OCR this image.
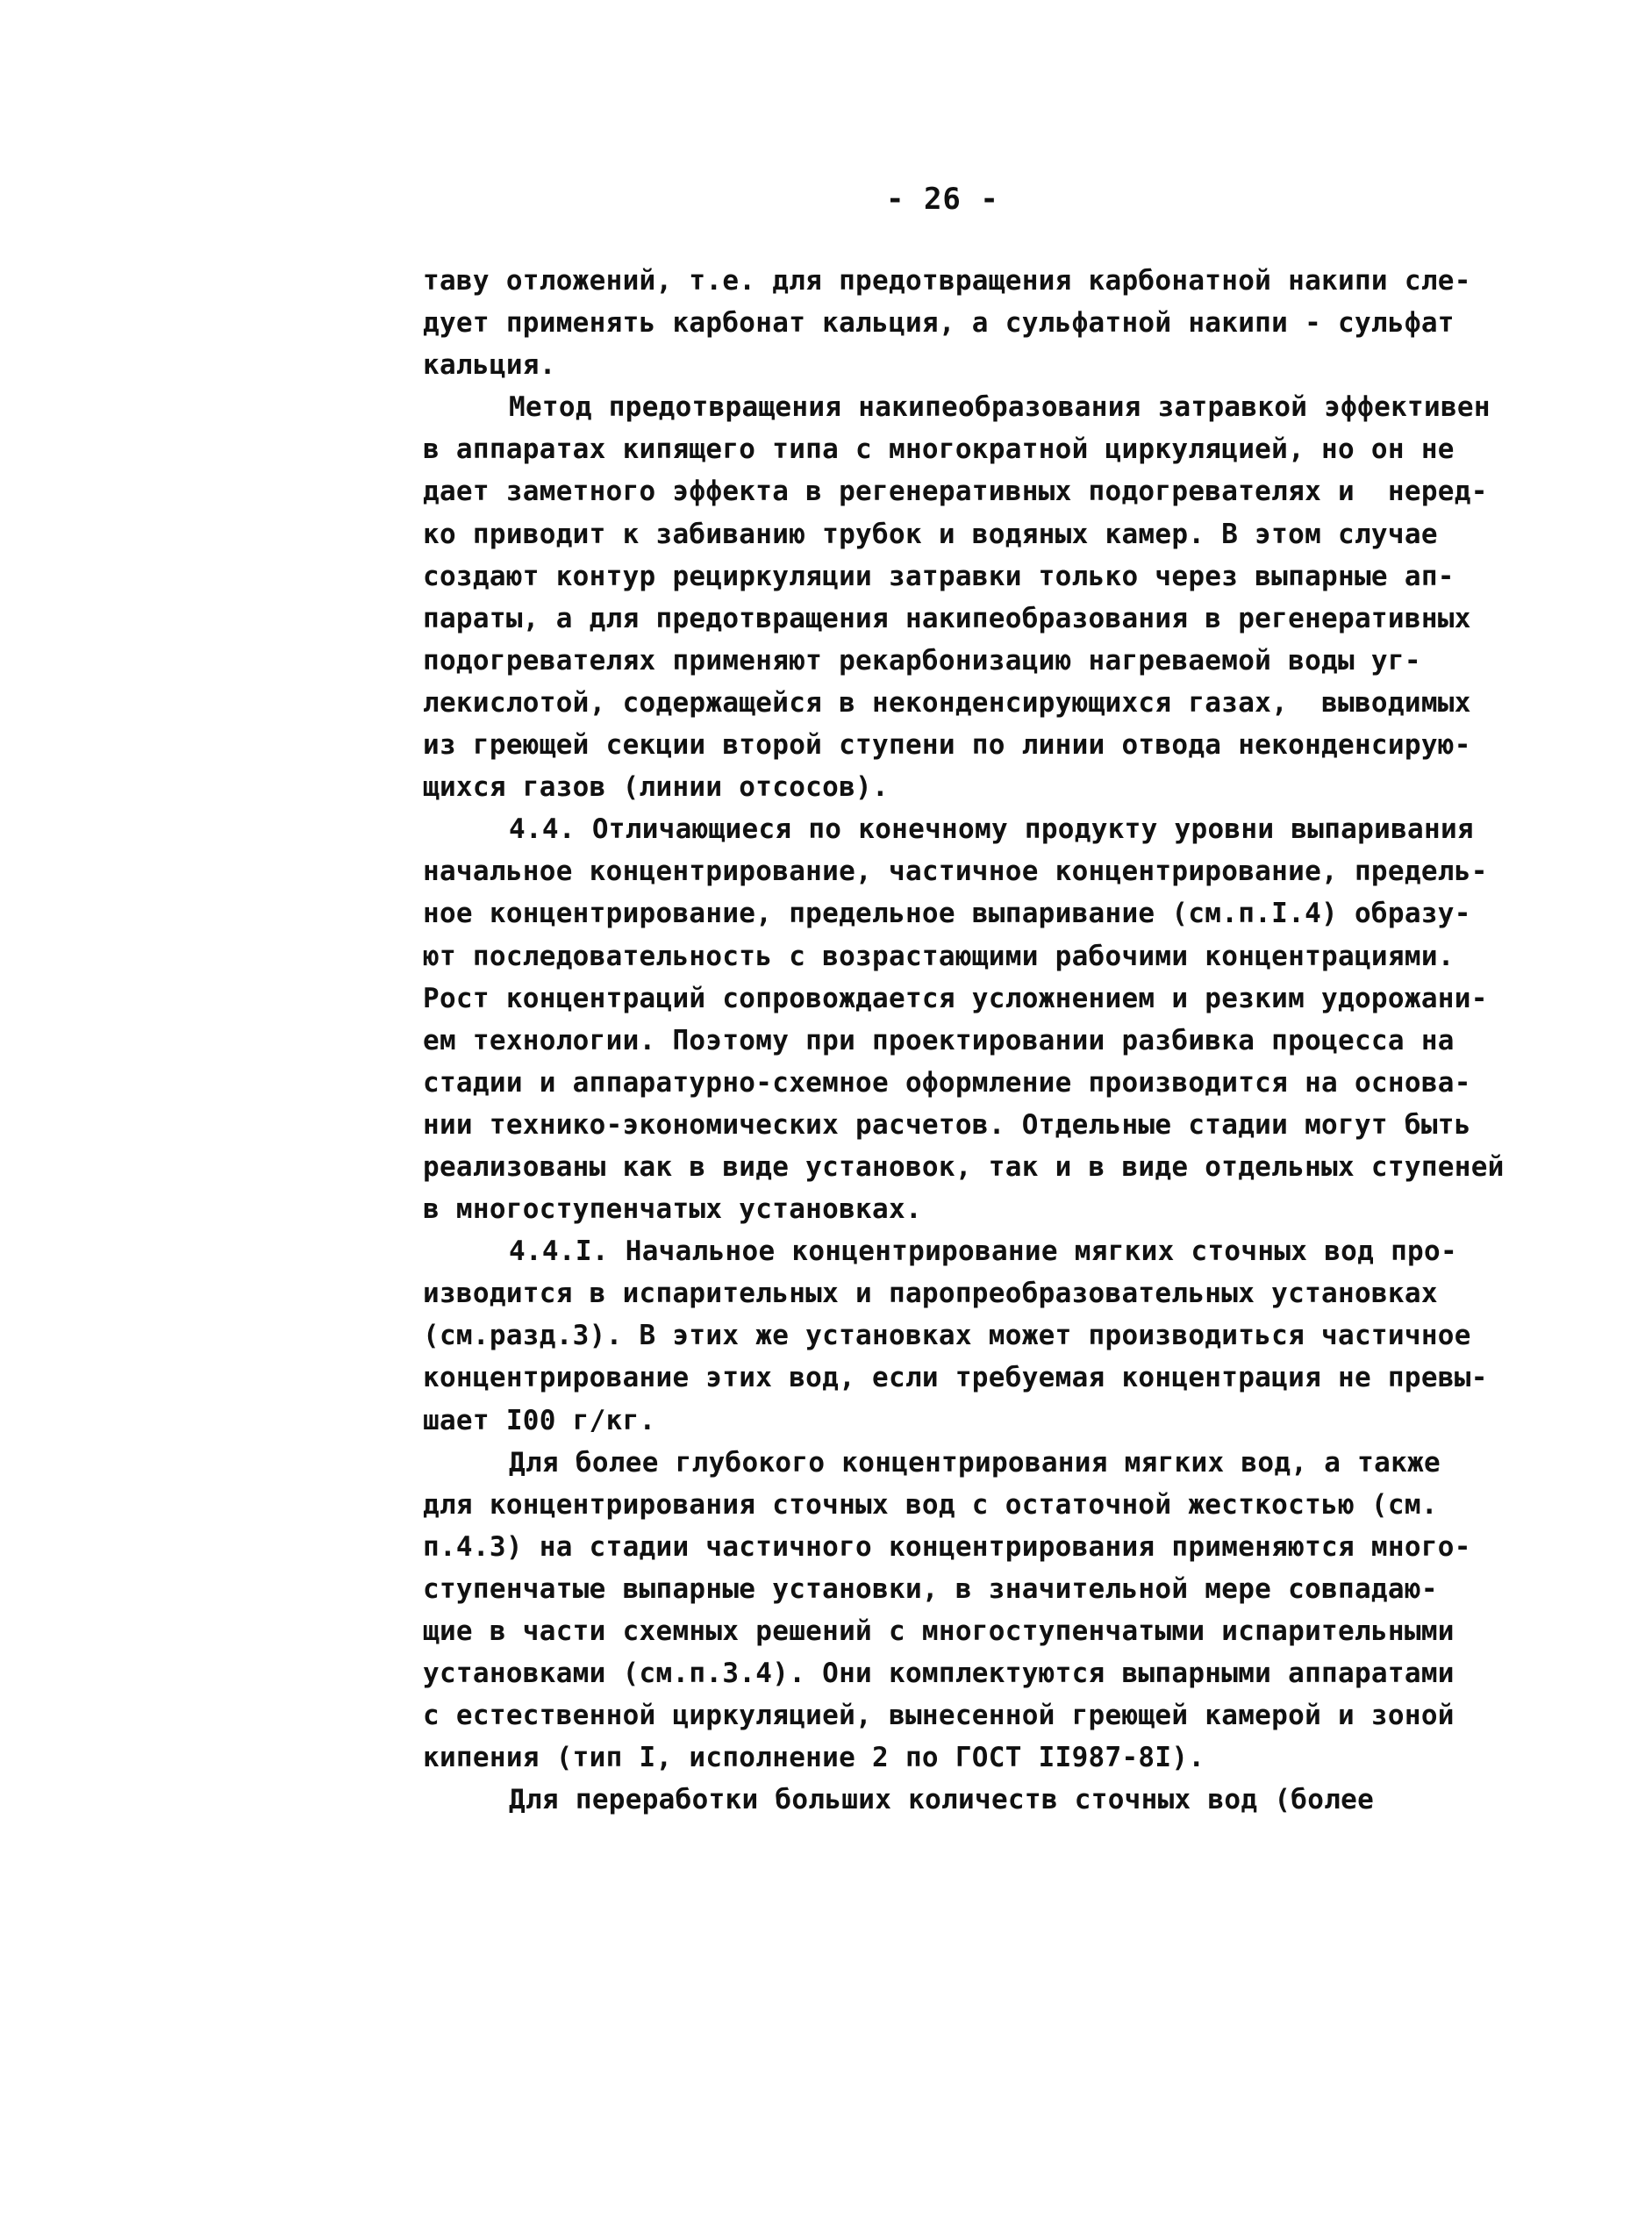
- 26 -
таву отложений, т.е. для предотвращения карбонатной накипи сле-
дует применять карбонат кальция, а сульфатной накипи - сульфат
кальция.
Метод предотвращения накипеобразования затравкой эффективен
в аппаратах кипящего типа с многократной циркуляцией, но он не
дает заметного эффекта в регенеративных подогревателях и  неред-
ко приводит к забиванию трубок и водяных камер. В этом случае
создают контур рециркуляции затравки только через выпарные ап-
параты, а для предотвращения накипеобразования в регенеративных
подогревателях применяют рекарбонизацию нагреваемой воды уг-
лекислотой, содержащейся в неконденсирующихся газах,  выводимых
из греющей секции второй ступени по линии отвода неконденсирую-
щихся газов (линии отсосов).
4.4. Отличающиеся по конечному продукту уровни выпаривания
начальное концентрирование, частичное концентрирование, предель-
ное концентрирование, предельное выпаривание (см.п.I.4) образу-
ют последовательность с возрастающими рабочими концентрациями.
Рост концентраций сопровождается усложнением и резким удорожани-
ем технологии. Поэтому при проектировании разбивка процесса на
стадии и аппаратурно-схемное оформление производится на основа-
нии технико-экономических расчетов. Отдельные стадии могут быть
реализованы как в виде установок, так и в виде отдельных ступеней
в многоступенчатых установках.
4.4.I. Начальное концентрирование мягких сточных вод про-
изводится в испарительных и паропреобразовательных установках
(см.разд.3). В этих же установках может производиться частичное
концентрирование этих вод, если требуемая концентрация не превы-
шает I00 г/кг.
Для более глубокого концентрирования мягких вод, а также
для концентрирования сточных вод с остаточной жесткостью (см.
п.4.3) на стадии частичного концентрирования применяются много-
ступенчатые выпарные установки, в значительной мере совпадаю-
щие в части схемных решений с многоступенчатыми испарительными
установками (см.п.3.4). Они комплектуются выпарными аппаратами
с естественной циркуляцией, вынесенной греющей камерой и зоной
кипения (тип I, исполнение 2 по ГОСТ II987-8I).
Для переработки больших количеств сточных вод (более
